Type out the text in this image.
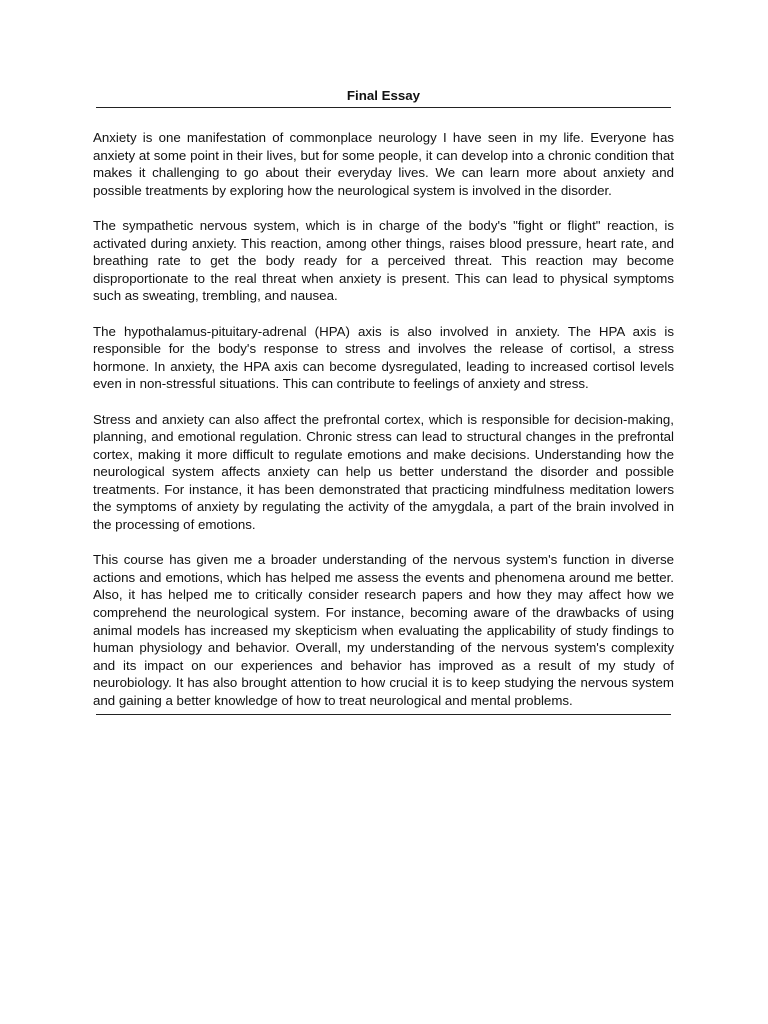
Final Essay

Anxiety is one manifestation of commonplace neurology I have seen in my life. Everyone has anxiety at some point in their lives, but for some people, it can develop into a chronic condition that makes it challenging to go about their everyday lives. We can learn more about anxiety and possible treatments by exploring how the neurological system is involved in the disorder.

The sympathetic nervous system, which is in charge of the body's "fight or flight" reaction, is activated during anxiety. This reaction, among other things, raises blood pressure, heart rate, and breathing rate to get the body ready for a perceived threat. This reaction may become disproportionate to the real threat when anxiety is present. This can lead to physical symptoms such as sweating, trembling, and nausea.

The hypothalamus-pituitary-adrenal (HPA) axis is also involved in anxiety. The HPA axis is responsible for the body's response to stress and involves the release of cortisol, a stress hormone. In anxiety, the HPA axis can become dysregulated, leading to increased cortisol levels even in non-stressful situations. This can contribute to feelings of anxiety and stress.

Stress and anxiety can also affect the prefrontal cortex, which is responsible for decision-making, planning, and emotional regulation. Chronic stress can lead to structural changes in the prefrontal cortex, making it more difficult to regulate emotions and make decisions. Understanding how the neurological system affects anxiety can help us better understand the disorder and possible treatments. For instance, it has been demonstrated that practicing mindfulness meditation lowers the symptoms of anxiety by regulating the activity of the amygdala, a part of the brain involved in the processing of emotions.

This course has given me a broader understanding of the nervous system's function in diverse actions and emotions, which has helped me assess the events and phenomena around me better. Also, it has helped me to critically consider research papers and how they may affect how we comprehend the neurological system. For instance, becoming aware of the drawbacks of using animal models has increased my skepticism when evaluating the applicability of study findings to human physiology and behavior. Overall, my understanding of the nervous system's complexity and its impact on our experiences and behavior has improved as a result of my study of neurobiology. It has also brought attention to how crucial it is to keep studying the nervous system and gaining a better knowledge of how to treat neurological and mental problems.
